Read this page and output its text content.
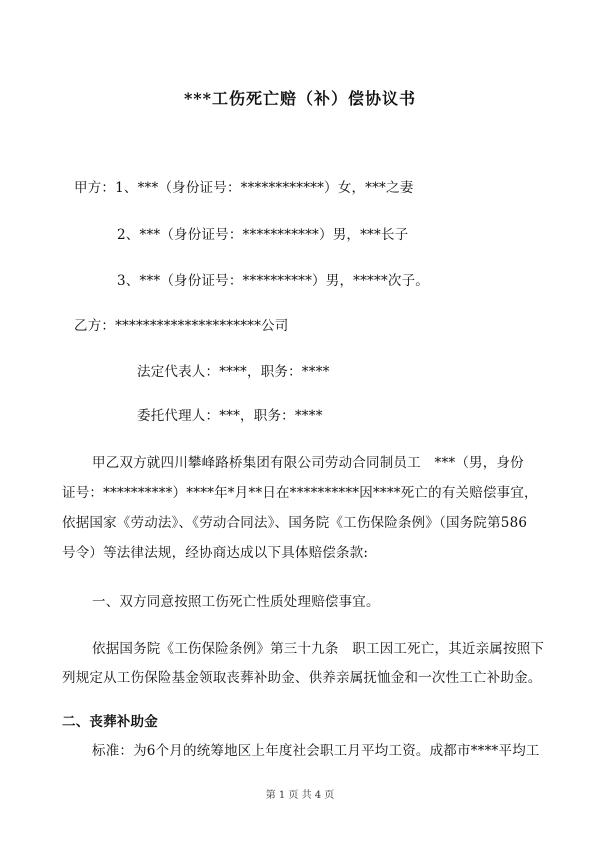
***工伤死亡赔（补）偿协议书
甲方：1、***（身份证号：************）女，***之妻
2、***（身份证号：***********）男，***长子
3、***（身份证号：**********）男，*****次子。
乙方：*********************公司
法定代表人：****，职务：****
委托代理人：***，职务：****
甲乙双方就四川攀峰路桥集团有限公司劳动合同制员工　***（男，身份
证号：**********）****年*月**日在**********因****死亡的有关赔偿事宜，
依据国家《劳动法》、《劳动合同法》、国务院《工伤保险条例》（国务院第586
号令）等法律法规，经协商达成以下具体赔偿条款:
一、双方同意按照工伤死亡性质处理赔偿事宜。
依据国务院《工伤保险条例》第三十九条　职工因工死亡，其近亲属按照下
列规定从工伤保险基金领取丧葬补助金、供养亲属抚恤金和一次性工亡补助金。
二、丧葬补助金
标准：为6个月的统筹地区上年度社会职工月平均工资。成都市****平均工
第 1 页 共 4 页
